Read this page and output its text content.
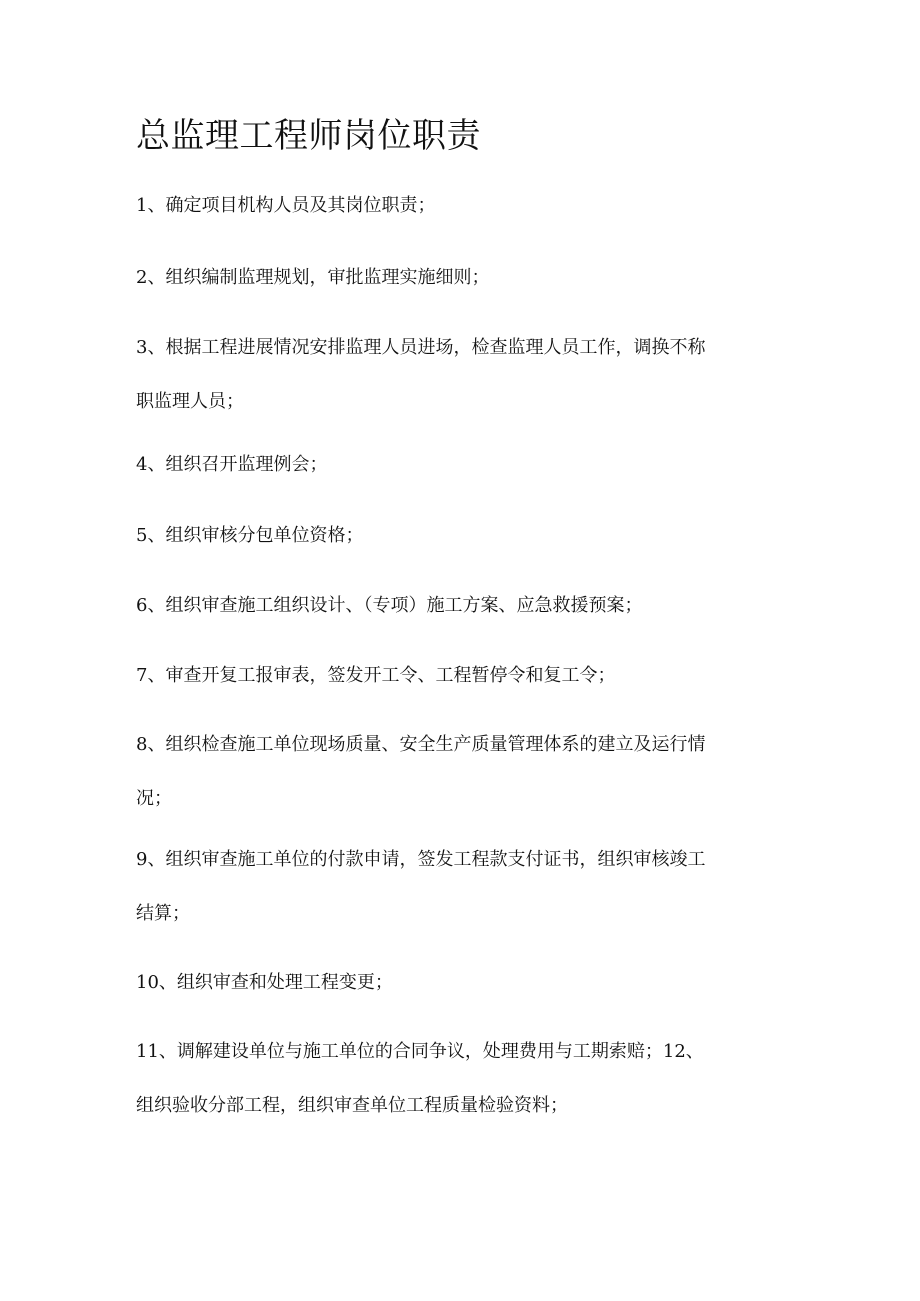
总监理工程师岗位职责

1、确定项目机构人员及其岗位职责；

2、组织编制监理规划，审批监理实施细则；

3、根据工程进展情况安排监理人员进场，检查监理人员工作，调换不称
职监理人员；

4、组织召开监理例会；

5、组织审核分包单位资格；

6、组织审查施工组织设计、（专项）施工方案、应急救援预案；

7、审查开复工报审表，签发开工令、工程暂停令和复工令；

8、组织检查施工单位现场质量、安全生产质量管理体系的建立及运行情
况；

9、组织审查施工单位的付款申请，签发工程款支付证书，组织审核竣工
结算；

10、组织审查和处理工程变更；

11、调解建设单位与施工单位的合同争议，处理费用与工期索赔；12、
组织验收分部工程，组织审查单位工程质量检验资料；
